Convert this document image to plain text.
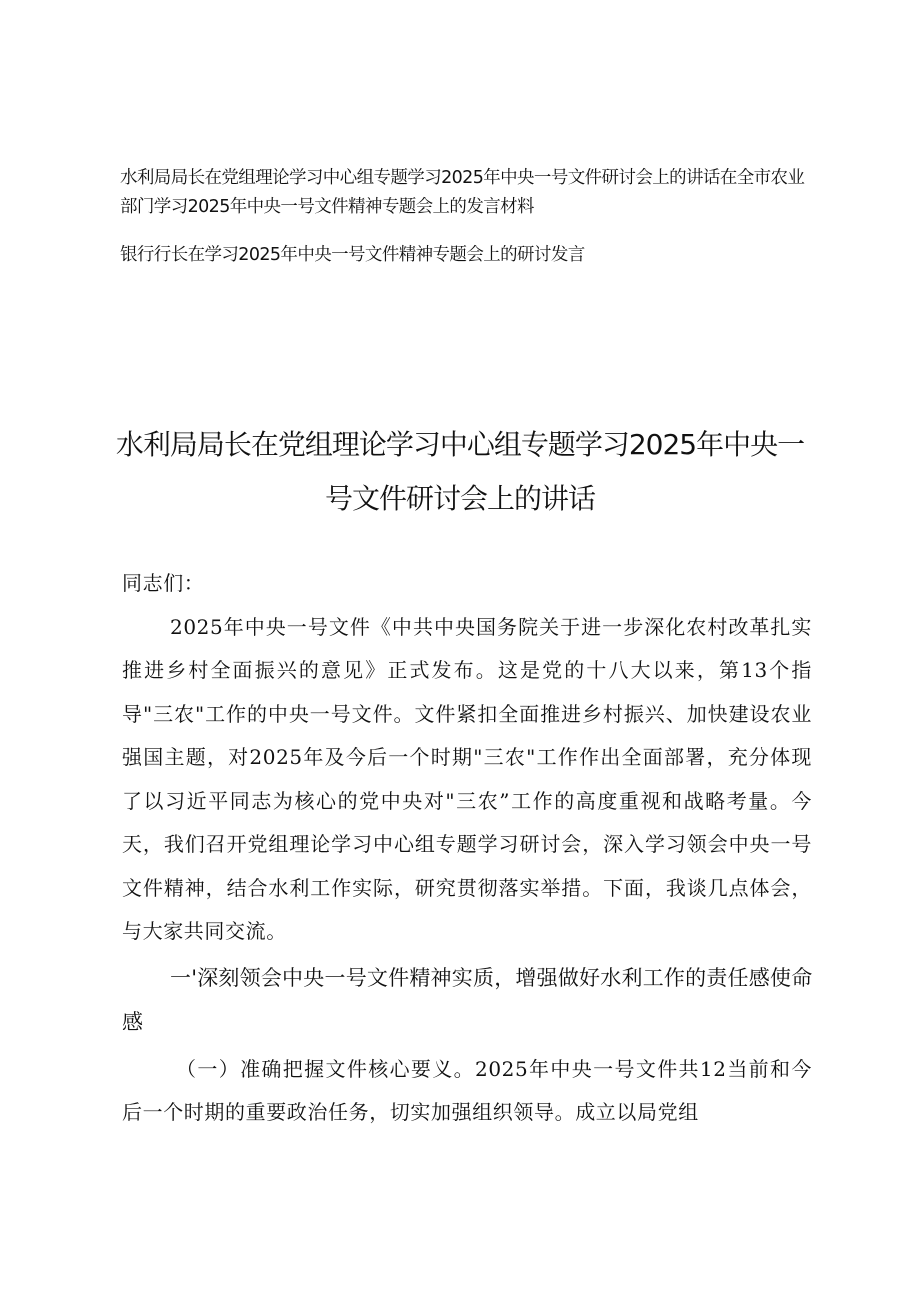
水利局局长在党组理论学习中心组专题学习2025年中央一号文件研讨会上的讲话在全市农业部门学习2025年中央一号文件精神专题会上的发言材料
银行行长在学习2025年中央一号文件精神专题会上的研讨发言
水利局局长在党组理论学习中心组专题学习2025年中央一号文件研讨会上的讲话

同志们：

2025年中央一号文件《中共中央国务院关于进一步深化农村改革扎实推进乡村全面振兴的意见》正式发布。这是党的十八大以来，第13个指导"三农"工作的中央一号文件。文件紧扣全面推进乡村振兴、加快建设农业强国主题，对2025年及今后一个时期"三农"工作作出全面部署，充分体现了以习近平同志为核心的党中央对"三农”工作的高度重视和战略考量。今天，我们召开党组理论学习中心组专题学习研讨会，深入学习领会中央一号文件精神，结合水利工作实际，研究贯彻落实举措。下面，我谈几点体会，与大家共同交流。

一'深刻领会中央一号文件精神实质，增强做好水利工作的责任感使命感

（一）准确把握文件核心要义。2025年中央一号文件共12当前和今后一个时期的重要政治任务，切实加强组织领导。成立以局党组
